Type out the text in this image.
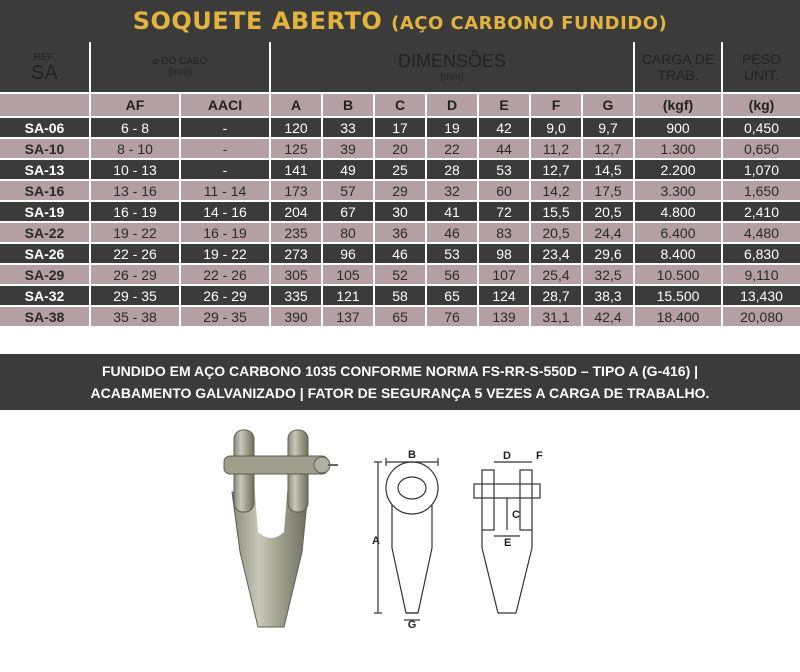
SOQUETE ABERTO (AÇO CARBONO FUNDIDO)
REF.
SA	⌀ DO CABO
(mm)		DIMENSÕES
(mm)							CARGA DE TRAB.	PESO UNIT.
	AF	AACI	A	B	C	D	E	F	G	(kgf)	(kg)
SA-06	6 - 8	-	120	33	17	19	42	9,0	9,7	900	0,450
SA-10	8 - 10	-	125	39	20	22	44	11,2	12,7	1.300	0,650
SA-13	10 - 13	-	141	49	25	28	53	12,7	14,5	2.200	1,070
SA-16	13 - 16	11 - 14	173	57	29	32	60	14,2	17,5	3.300	1,650
SA-19	16 - 19	14 - 16	204	67	30	41	72	15,5	20,5	4.800	2,410
SA-22	19 - 22	16 - 19	235	80	36	46	83	20,5	24,4	6.400	4,480
SA-26	22 - 26	19 - 22	273	96	46	53	98	23,4	29,6	8.400	6,830
SA-29	26 - 29	22 - 26	305	105	52	56	107	25,4	32,5	10.500	9,110
SA-32	29 - 35	26 - 29	335	121	58	65	124	28,7	38,3	15.500	13,430
SA-38	35 - 38	29 - 35	390	137	65	76	139	31,1	42,4	18.400	20,080
FUNDIDO EM AÇO CARBONO 1035 CONFORME NORMA FS-RR-S-550D – TIPO A (G-416) |
ACABAMENTO GALVANIZADO | FATOR DE SEGURANÇA 5 VEZES A CARGA DE TRABALHO.
B
A
D F
C
E
G
